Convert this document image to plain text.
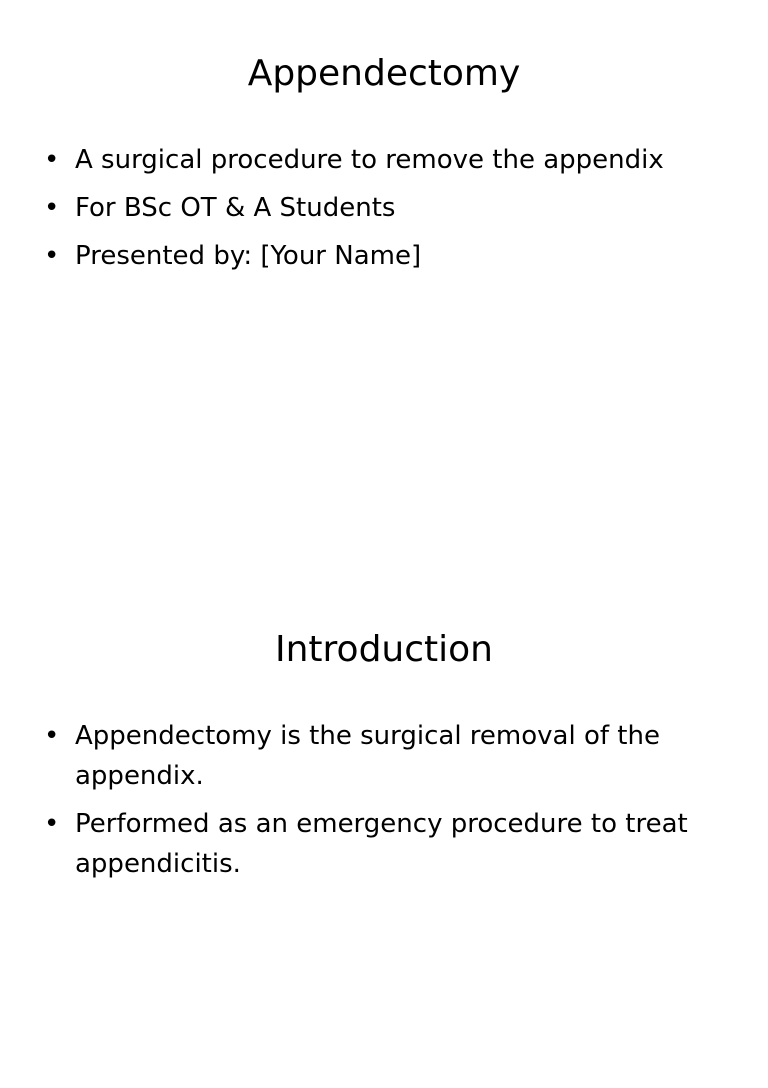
Appendectomy
• A surgical procedure to remove the appendix
• For BSc OT & A Students
• Presented by: [Your Name]
Introduction
• Appendectomy is the surgical removal of the appendix.
• Performed as an emergency procedure to treat appendicitis.
